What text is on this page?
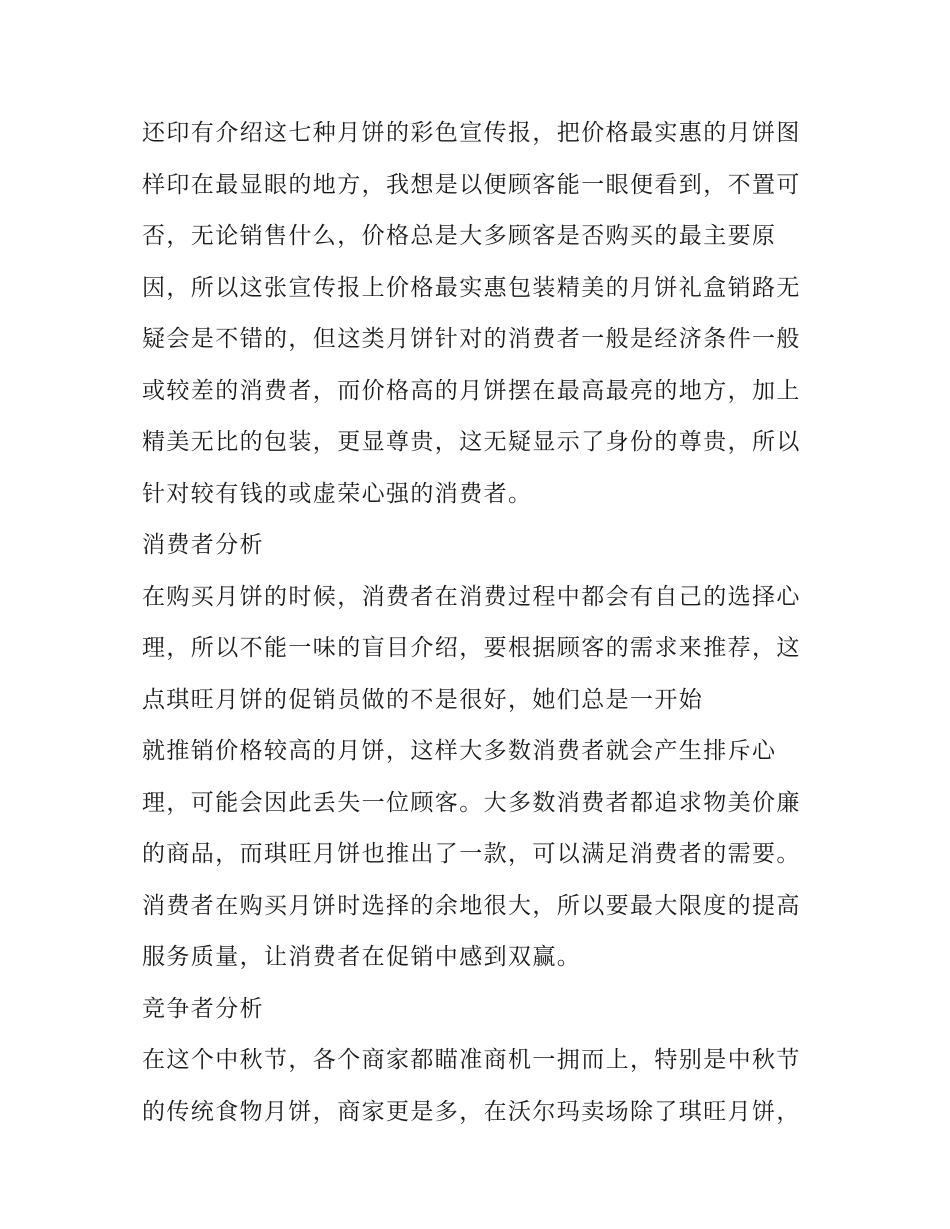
还印有介绍这七种月饼的彩色宣传报，把价格最实惠的月饼图
样印在最显眼的地方，我想是以便顾客能一眼便看到，不置可
否，无论销售什么，价格总是大多顾客是否购买的最主要原
因，所以这张宣传报上价格最实惠包装精美的月饼礼盒销路无
疑会是不错的，但这类月饼针对的消费者一般是经济条件一般
或较差的消费者，而价格高的月饼摆在最高最亮的地方，加上
精美无比的包装，更显尊贵，这无疑显示了身份的尊贵，所以
针对较有钱的或虚荣心强的消费者。
消费者分析
在购买月饼的时候，消费者在消费过程中都会有自己的选择心
理，所以不能一味的盲目介绍，要根据顾客的需求来推荐，这
点琪旺月饼的促销员做的不是很好，她们总是一开始
就推销价格较高的月饼，这样大多数消费者就会产生排斥心
理，可能会因此丢失一位顾客。大多数消费者都追求物美价廉
的商品，而琪旺月饼也推出了一款，可以满足消费者的需要。
消费者在购买月饼时选择的余地很大，所以要最大限度的提高
服务质量，让消费者在促销中感到双赢。
竞争者分析
在这个中秋节，各个商家都瞄准商机一拥而上，特别是中秋节
的传统食物月饼，商家更是多，在沃尔玛卖场除了琪旺月饼，
